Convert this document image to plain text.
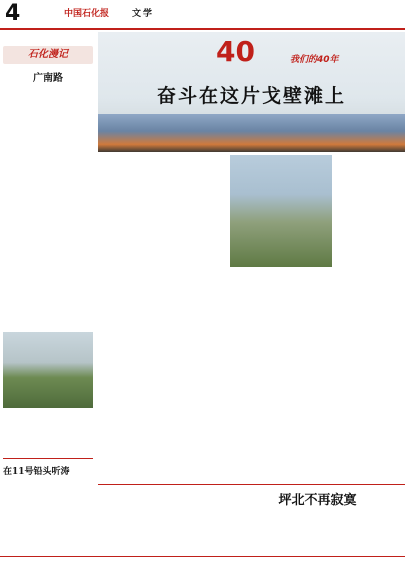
4	中国石化报	文学
石化漫记
广南路
在11号铅头听涛
40	我们的40年
奋斗在这片戈壁滩上
坪北不再寂寞
